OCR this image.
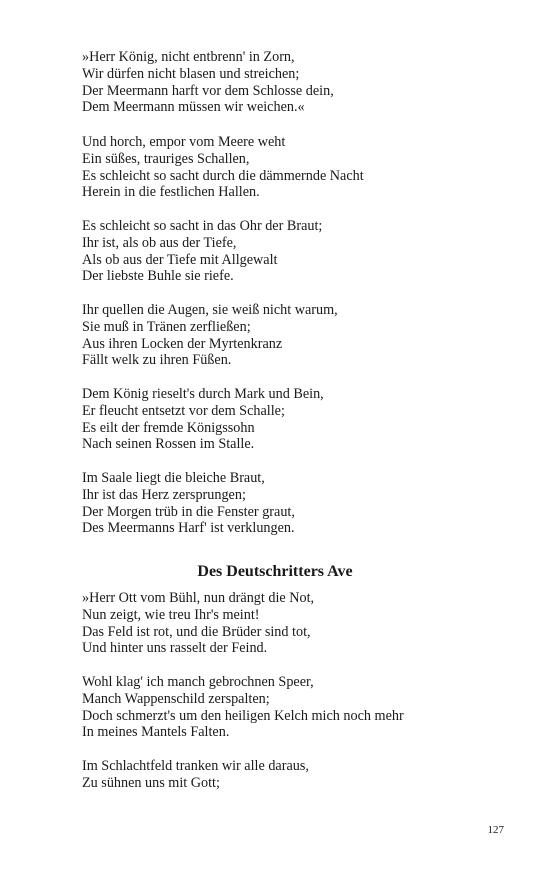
»Herr König, nicht entbrenn' in Zorn,
Wir dürfen nicht blasen und streichen;
Der Meermann harft vor dem Schlosse dein,
Dem Meermann müssen wir weichen.«
Und horch, empor vom Meere weht
Ein süßes, trauriges Schallen,
Es schleicht so sacht durch die dämmernde Nacht
Herein in die festlichen Hallen.
Es schleicht so sacht in das Ohr der Braut;
Ihr ist, als ob aus der Tiefe,
Als ob aus der Tiefe mit Allgewalt
Der liebste Buhle sie riefe.
Ihr quellen die Augen, sie weiß nicht warum,
Sie muß in Tränen zerfließen;
Aus ihren Locken der Myrtenkranz
Fällt welk zu ihren Füßen.
Dem König rieselt's durch Mark und Bein,
Er fleucht entsetzt vor dem Schalle;
Es eilt der fremde Königssohn
Nach seinen Rossen im Stalle.
Im Saale liegt die bleiche Braut,
Ihr ist das Herz zersprungen;
Der Morgen trüb in die Fenster graut,
Des Meermanns Harf' ist verklungen.
Des Deutschritters Ave
»Herr Ott vom Bühl, nun drängt die Not,
Nun zeigt, wie treu Ihr's meint!
Das Feld ist rot, und die Brüder sind tot,
Und hinter uns rasselt der Feind.
Wohl klag' ich manch gebrochnen Speer,
Manch Wappenschild zerspalten;
Doch schmerzt's um den heiligen Kelch mich noch mehr
In meines Mantels Falten.
Im Schlachtfeld tranken wir alle daraus,
Zu sühnen uns mit Gott;
127
